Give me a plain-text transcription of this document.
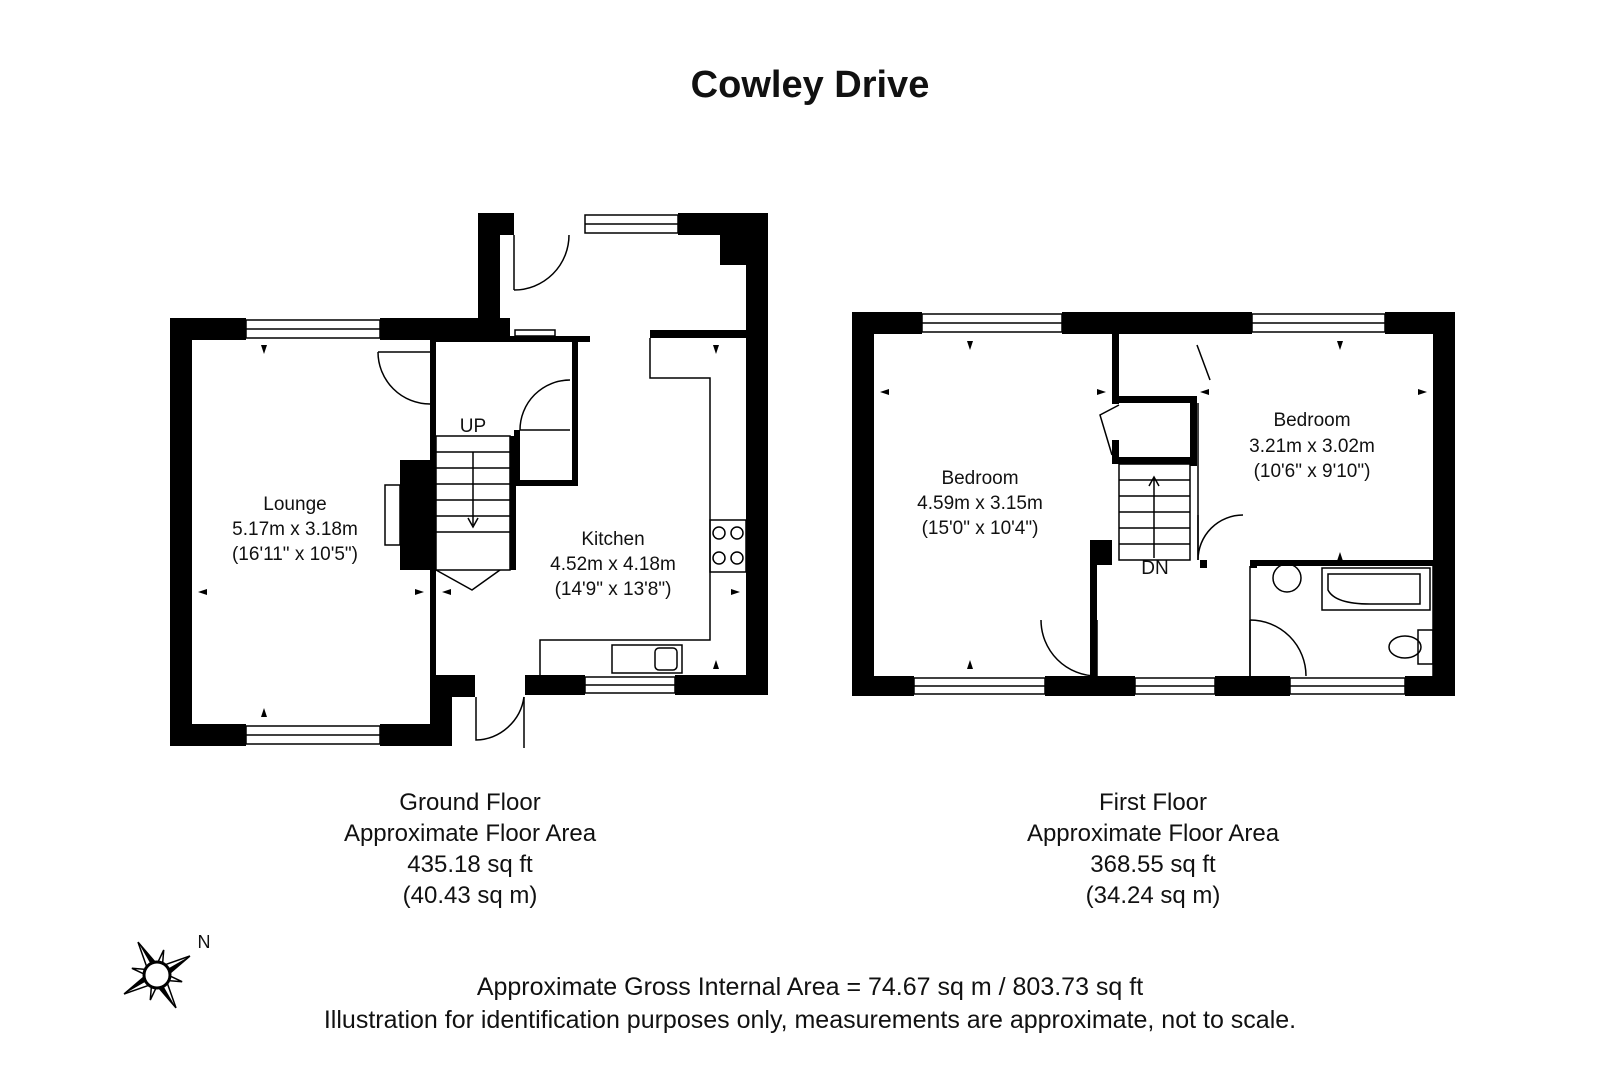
Cowley Drive
UP
Lounge
5.17m x 3.18m
(16'11" x 10'5")
Kitchen
4.52m x 4.18m
(14'9" x 13'8")
DN
Bedroom
4.59m x 3.15m
(15'0" x 10'4")
Bedroom
3.21m x 3.02m
(10'6" x 9'10")
Ground Floor
Approximate Floor Area
435.18 sq ft
(40.43 sq m)
First Floor
Approximate Floor Area
368.55 sq ft
(34.24 sq m)
N
Approximate Gross Internal Area = 74.67 sq m / 803.73 sq ft
Illustration for identification purposes only, measurements are approximate, not to scale.
